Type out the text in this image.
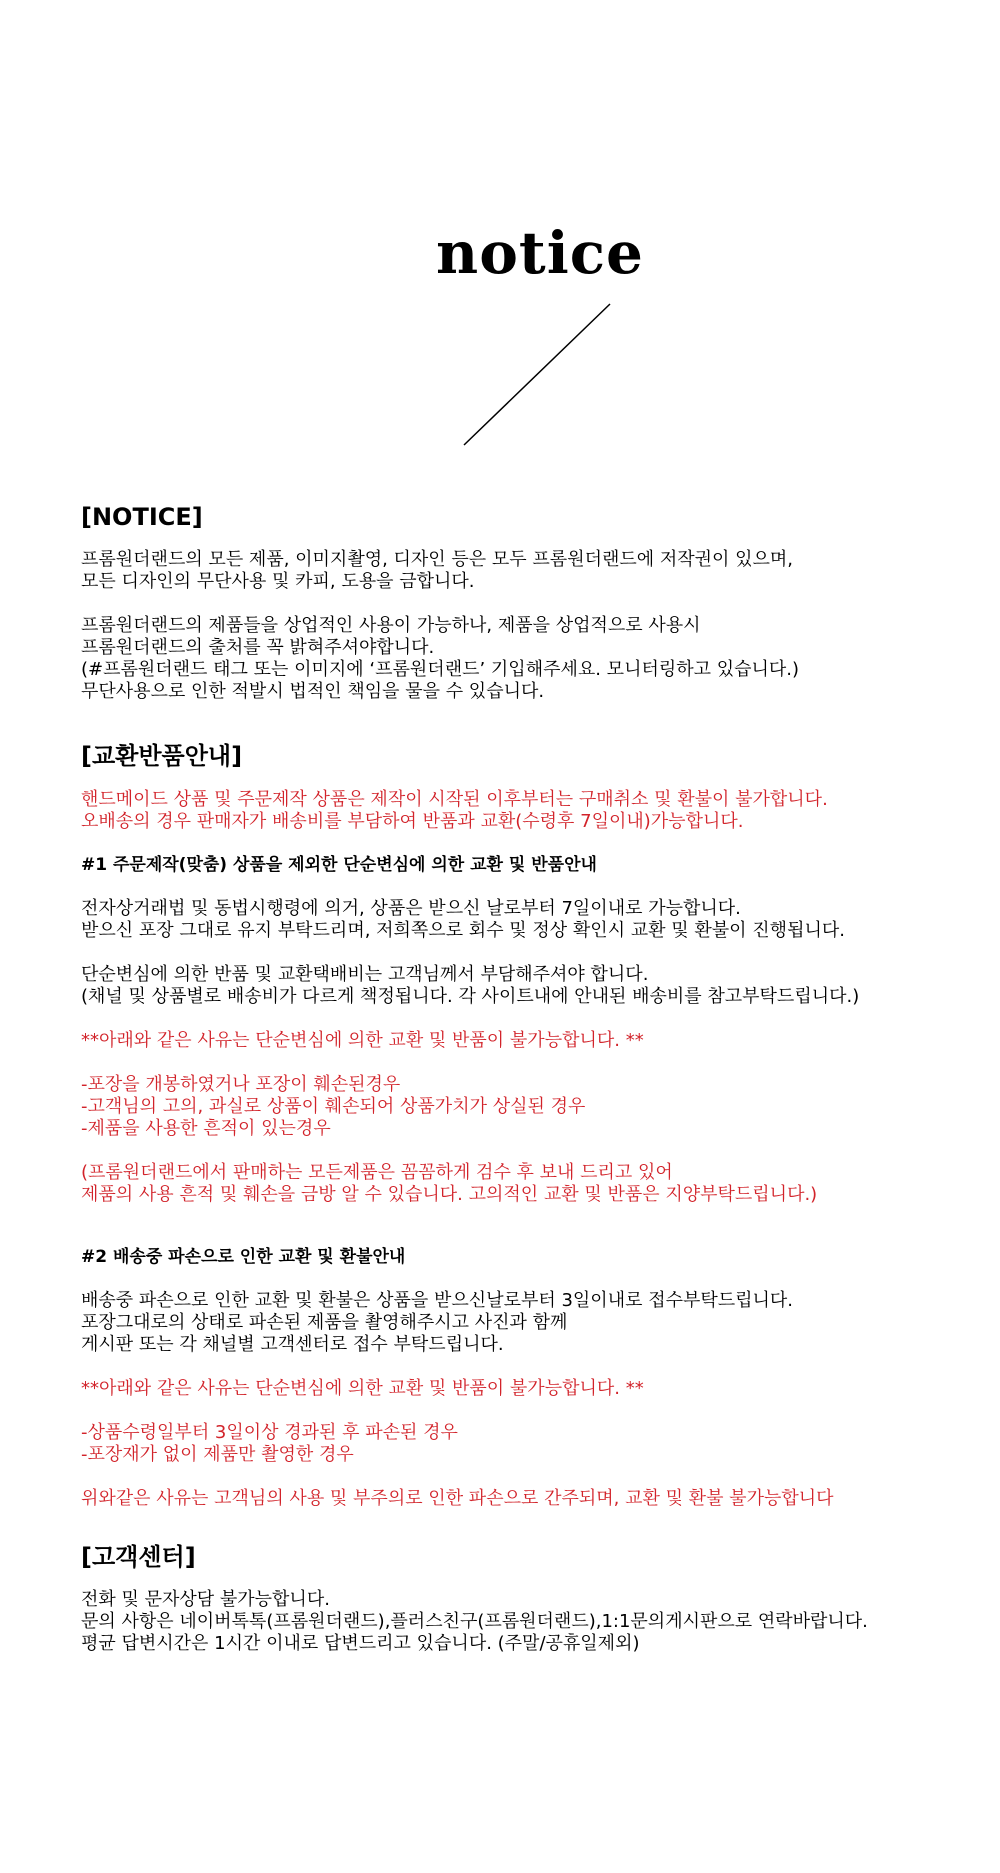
notice
[NOTICE]
프롬원더랜드의 모든 제품, 이미지촬영, 디자인 등은 모두 프롬원더랜드에 저작권이 있으며,
모든 디자인의 무단사용 및 카피, 도용을 금합니다.
프롬원더랜드의 제품들을 상업적인 사용이 가능하나, 제품을 상업적으로 사용시
프롬원더랜드의 출처를 꼭 밝혀주셔야합니다.
(#프롬원더랜드 태그 또는 이미지에 ‘프롬원더랜드’ 기입해주세요. 모니터링하고 있습니다.)
무단사용으로 인한 적발시 법적인 책임을 물을 수 있습니다.
[교환반품안내]
핸드메이드 상품 및 주문제작 상품은 제작이 시작된 이후부터는 구매취소 및 환불이 불가합니다.
오배송의 경우 판매자가 배송비를 부담하여 반품과 교환(수령후 7일이내)가능합니다.
#1 주문제작(맞춤) 상품을 제외한 단순변심에 의한 교환 및 반품안내
전자상거래법 및 동법시행령에 의거, 상품은 받으신 날로부터 7일이내로 가능합니다.
받으신 포장 그대로 유지 부탁드리며, 저희쪽으로 회수 및 정상 확인시 교환 및 환불이 진행됩니다.
단순변심에 의한 반품 및 교환택배비는 고객님께서 부담해주셔야 합니다.
(채널 및 상품별로 배송비가 다르게 책정됩니다. 각 사이트내에 안내된 배송비를 참고부탁드립니다.)
**아래와 같은 사유는 단순변심에 의한 교환 및 반품이 불가능합니다. **
-포장을 개봉하였거나 포장이 훼손된경우
-고객님의 고의, 과실로 상품이 훼손되어 상품가치가 상실된 경우
-제품을 사용한 흔적이 있는경우
(프롬원더랜드에서 판매하는 모든제품은 꼼꼼하게 검수 후 보내 드리고 있어
제품의 사용 흔적 및 훼손을 금방 알 수 있습니다. 고의적인 교환 및 반품은 지양부탁드립니다.)
#2 배송중 파손으로 인한 교환 및 환불안내
배송중 파손으로 인한 교환 및 환불은 상품을 받으신날로부터 3일이내로 접수부탁드립니다.
포장그대로의 상태로 파손된 제품을 촬영해주시고 사진과 함께
게시판 또는 각 채널별 고객센터로 접수 부탁드립니다.
**아래와 같은 사유는 단순변심에 의한 교환 및 반품이 불가능합니다. **
-상품수령일부터 3일이상 경과된 후 파손된 경우
-포장재가 없이 제품만 촬영한 경우
위와같은 사유는 고객님의 사용 및 부주의로 인한 파손으로 간주되며, 교환 및 환불 불가능합니다
[고객센터]
전화 및 문자상담 불가능합니다.
문의 사항은 네이버톡톡(프롬원더랜드),플러스친구(프롬원더랜드),1:1문의게시판으로 연락바랍니다.
평균 답변시간은 1시간 이내로 답변드리고 있습니다. (주말/공휴일제외)
